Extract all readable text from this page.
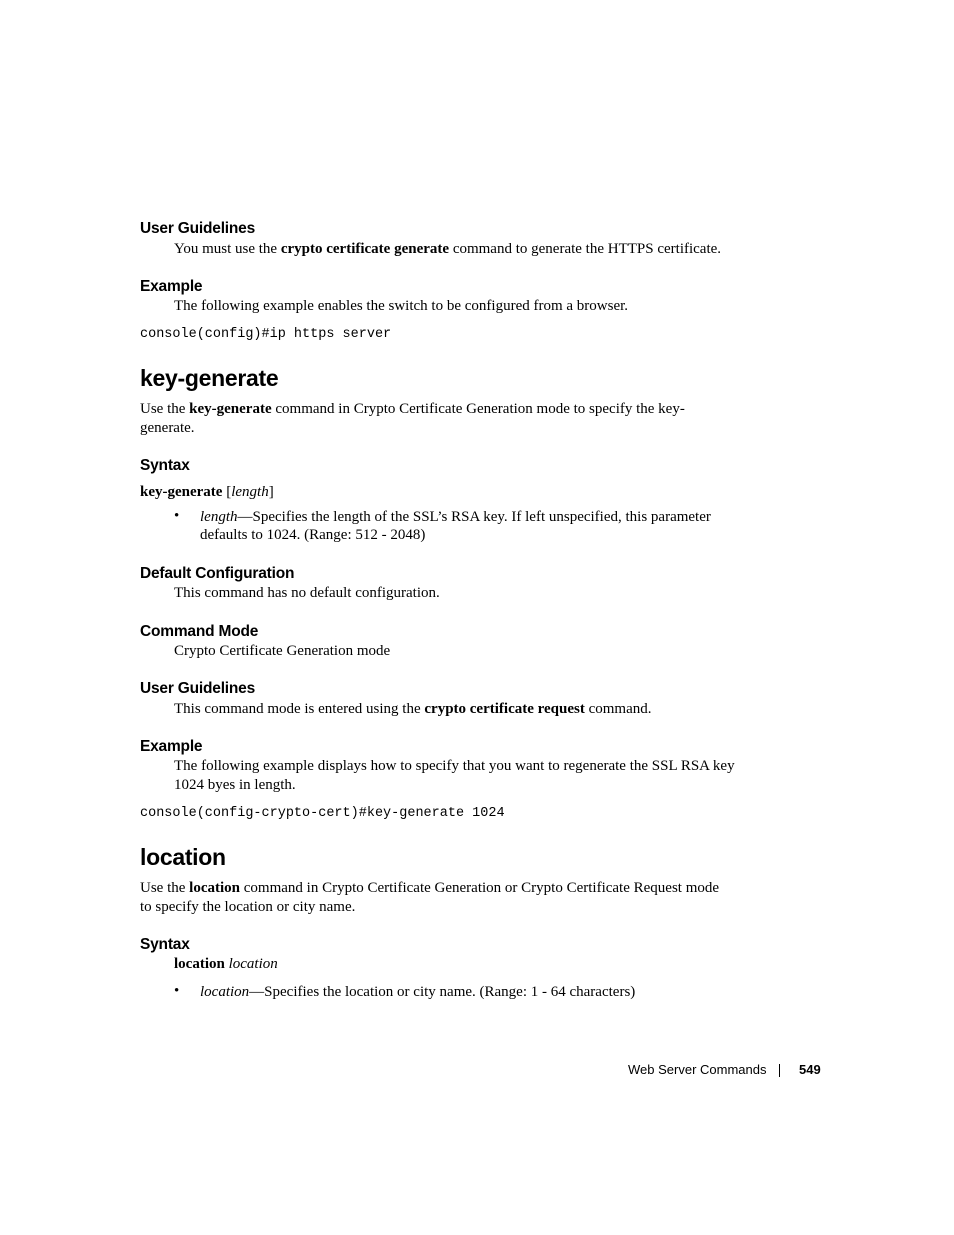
User Guidelines
You must use the crypto certificate generate command to generate the HTTPS certificate.
Example
The following example enables the switch to be configured from a browser.
console(config)#ip https server
key-generate
Use the key-generate command in Crypto Certificate Generation mode to specify the key-
generate.
Syntax
key-generate [length]
• length—Specifies the length of the SSL’s RSA key. If left unspecified, this parameter
defaults to 1024. (Range: 512 - 2048)
Default Configuration
This command has no default configuration.
Command Mode
Crypto Certificate Generation mode
User Guidelines
This command mode is entered using the crypto certificate request command.
Example
The following example displays how to specify that you want to regenerate the SSL RSA key
1024 byes in length.
console(config-crypto-cert)#key-generate 1024
location
Use the location command in Crypto Certificate Generation or Crypto Certificate Request mode
to specify the location or city name.
Syntax
location location
• location—Specifies the location or city name. (Range: 1 - 64 characters)
Web Server Commands	549
